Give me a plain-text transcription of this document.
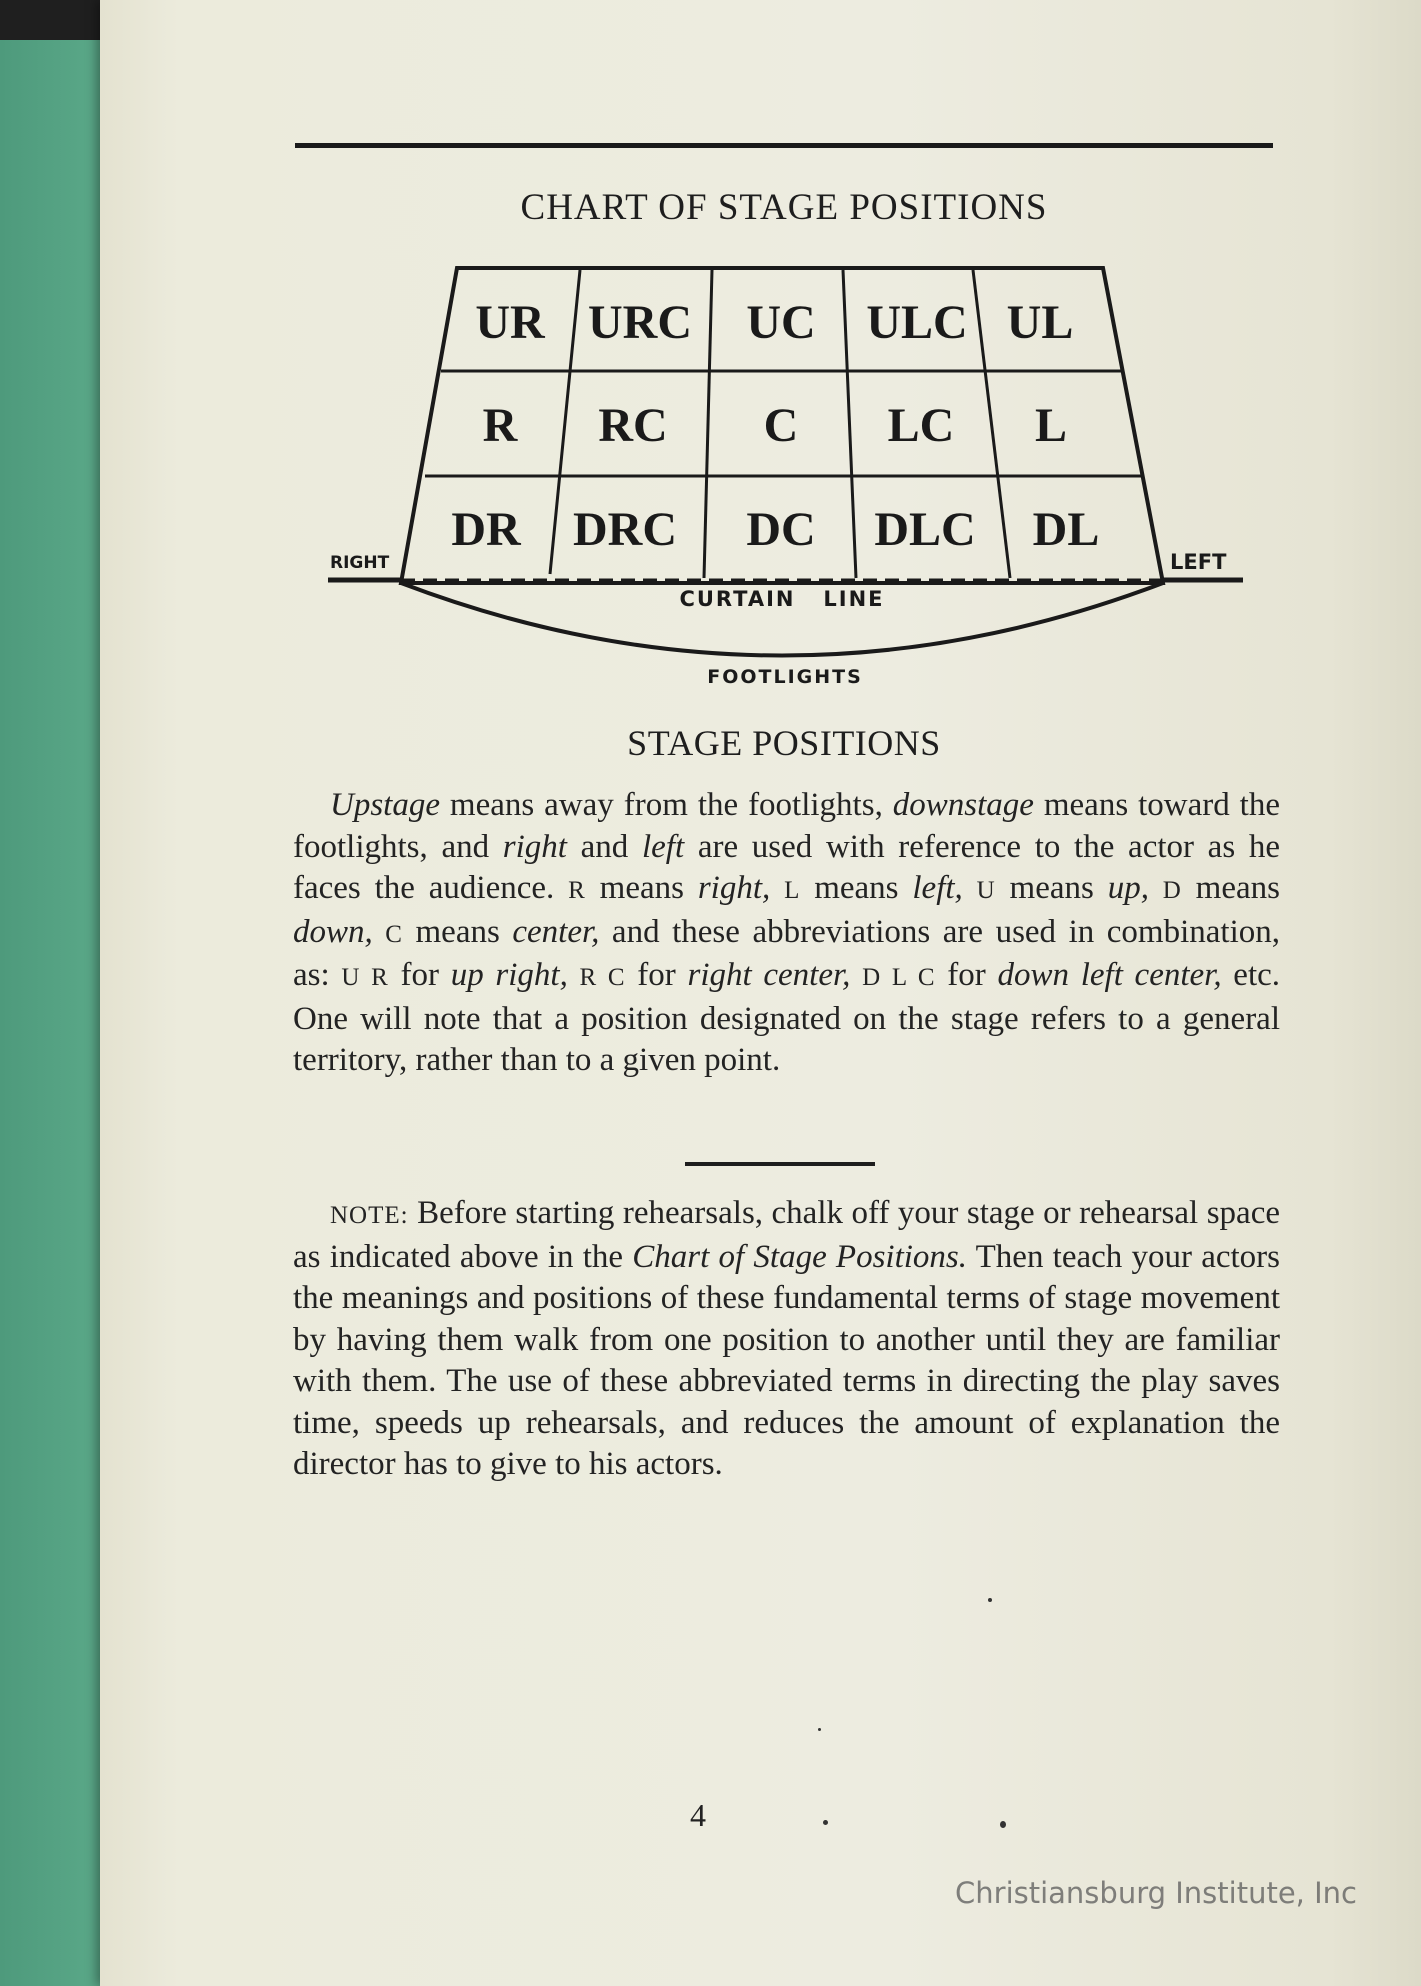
CHART OF STAGE POSITIONS
UR URC UC ULC UL
R RC C LC L
DR DRC DC DLC DL
RIGHT	LEFT
CURTAIN   LINE
FOOTLIGHTS
STAGE POSITIONS

Upstage means away from the footlights, downstage means toward the footlights, and right and left are used with reference to the actor as he faces the audience. R means right, L means left, U means up, D means down, C means center, and these abbreviations are used in combination, as: U R for up right, R C for right center, D L C for down left center, etc. One will note that a position designated on the stage refers to a general territory, rather than to a given point.

NOTE: Before starting rehearsals, chalk off your stage or rehearsal space as indicated above in the Chart of Stage Positions. Then teach your actors the meanings and positions of these fundamental terms of stage movement by having them walk from one position to another until they are familiar with them. The use of these abbreviated terms in directing the play saves time, speeds up rehearsals, and reduces the amount of explanation the director has to give to his actors.

4

Christiansburg Institute, Inc
